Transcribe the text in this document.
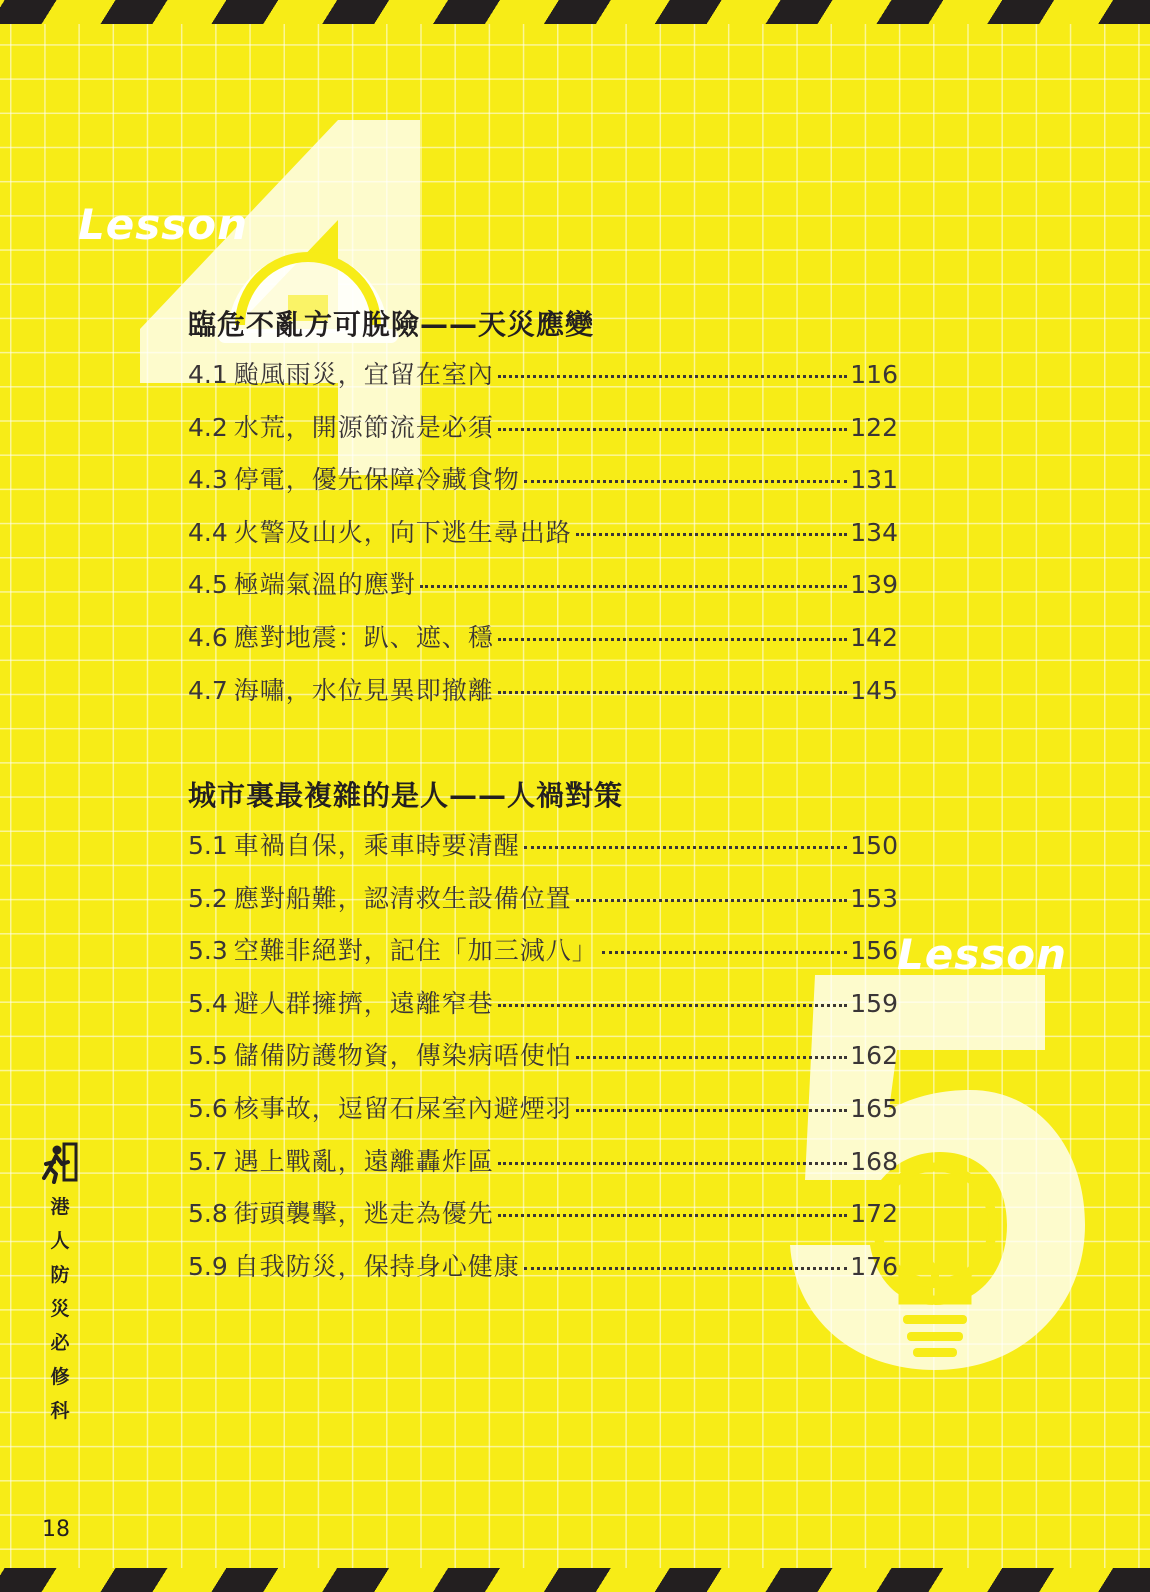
Lesson
Lesson
臨危不亂方可脫險——天災應變
4.1 颱風雨災，宜留在室內	116
4.2 水荒，開源節流是必須	122
4.3 停電，優先保障冷藏食物	131
4.4 火警及山火，向下逃生尋出路	134
4.5 極端氣溫的應對	139
4.6 應對地震：趴、遮、穩	142
4.7 海嘯，水位見異即撤離	145
城市裏最複雜的是人——人禍對策
5.1 車禍自保，乘車時要清醒	150
5.2 應對船難，認清救生設備位置	153
5.3 空難非絕對，記住「加三減八」	156
5.4 避人群擁擠，遠離窄巷	159
5.5 儲備防護物資，傳染病唔使怕	162
5.6 核事故，逗留石屎室內避煙羽	165
5.7 遇上戰亂，遠離轟炸區	168
5.8 街頭襲擊，逃走為優先	172
5.9 自我防災，保持身心健康	176
港
人
防
災
必
修
科
18
